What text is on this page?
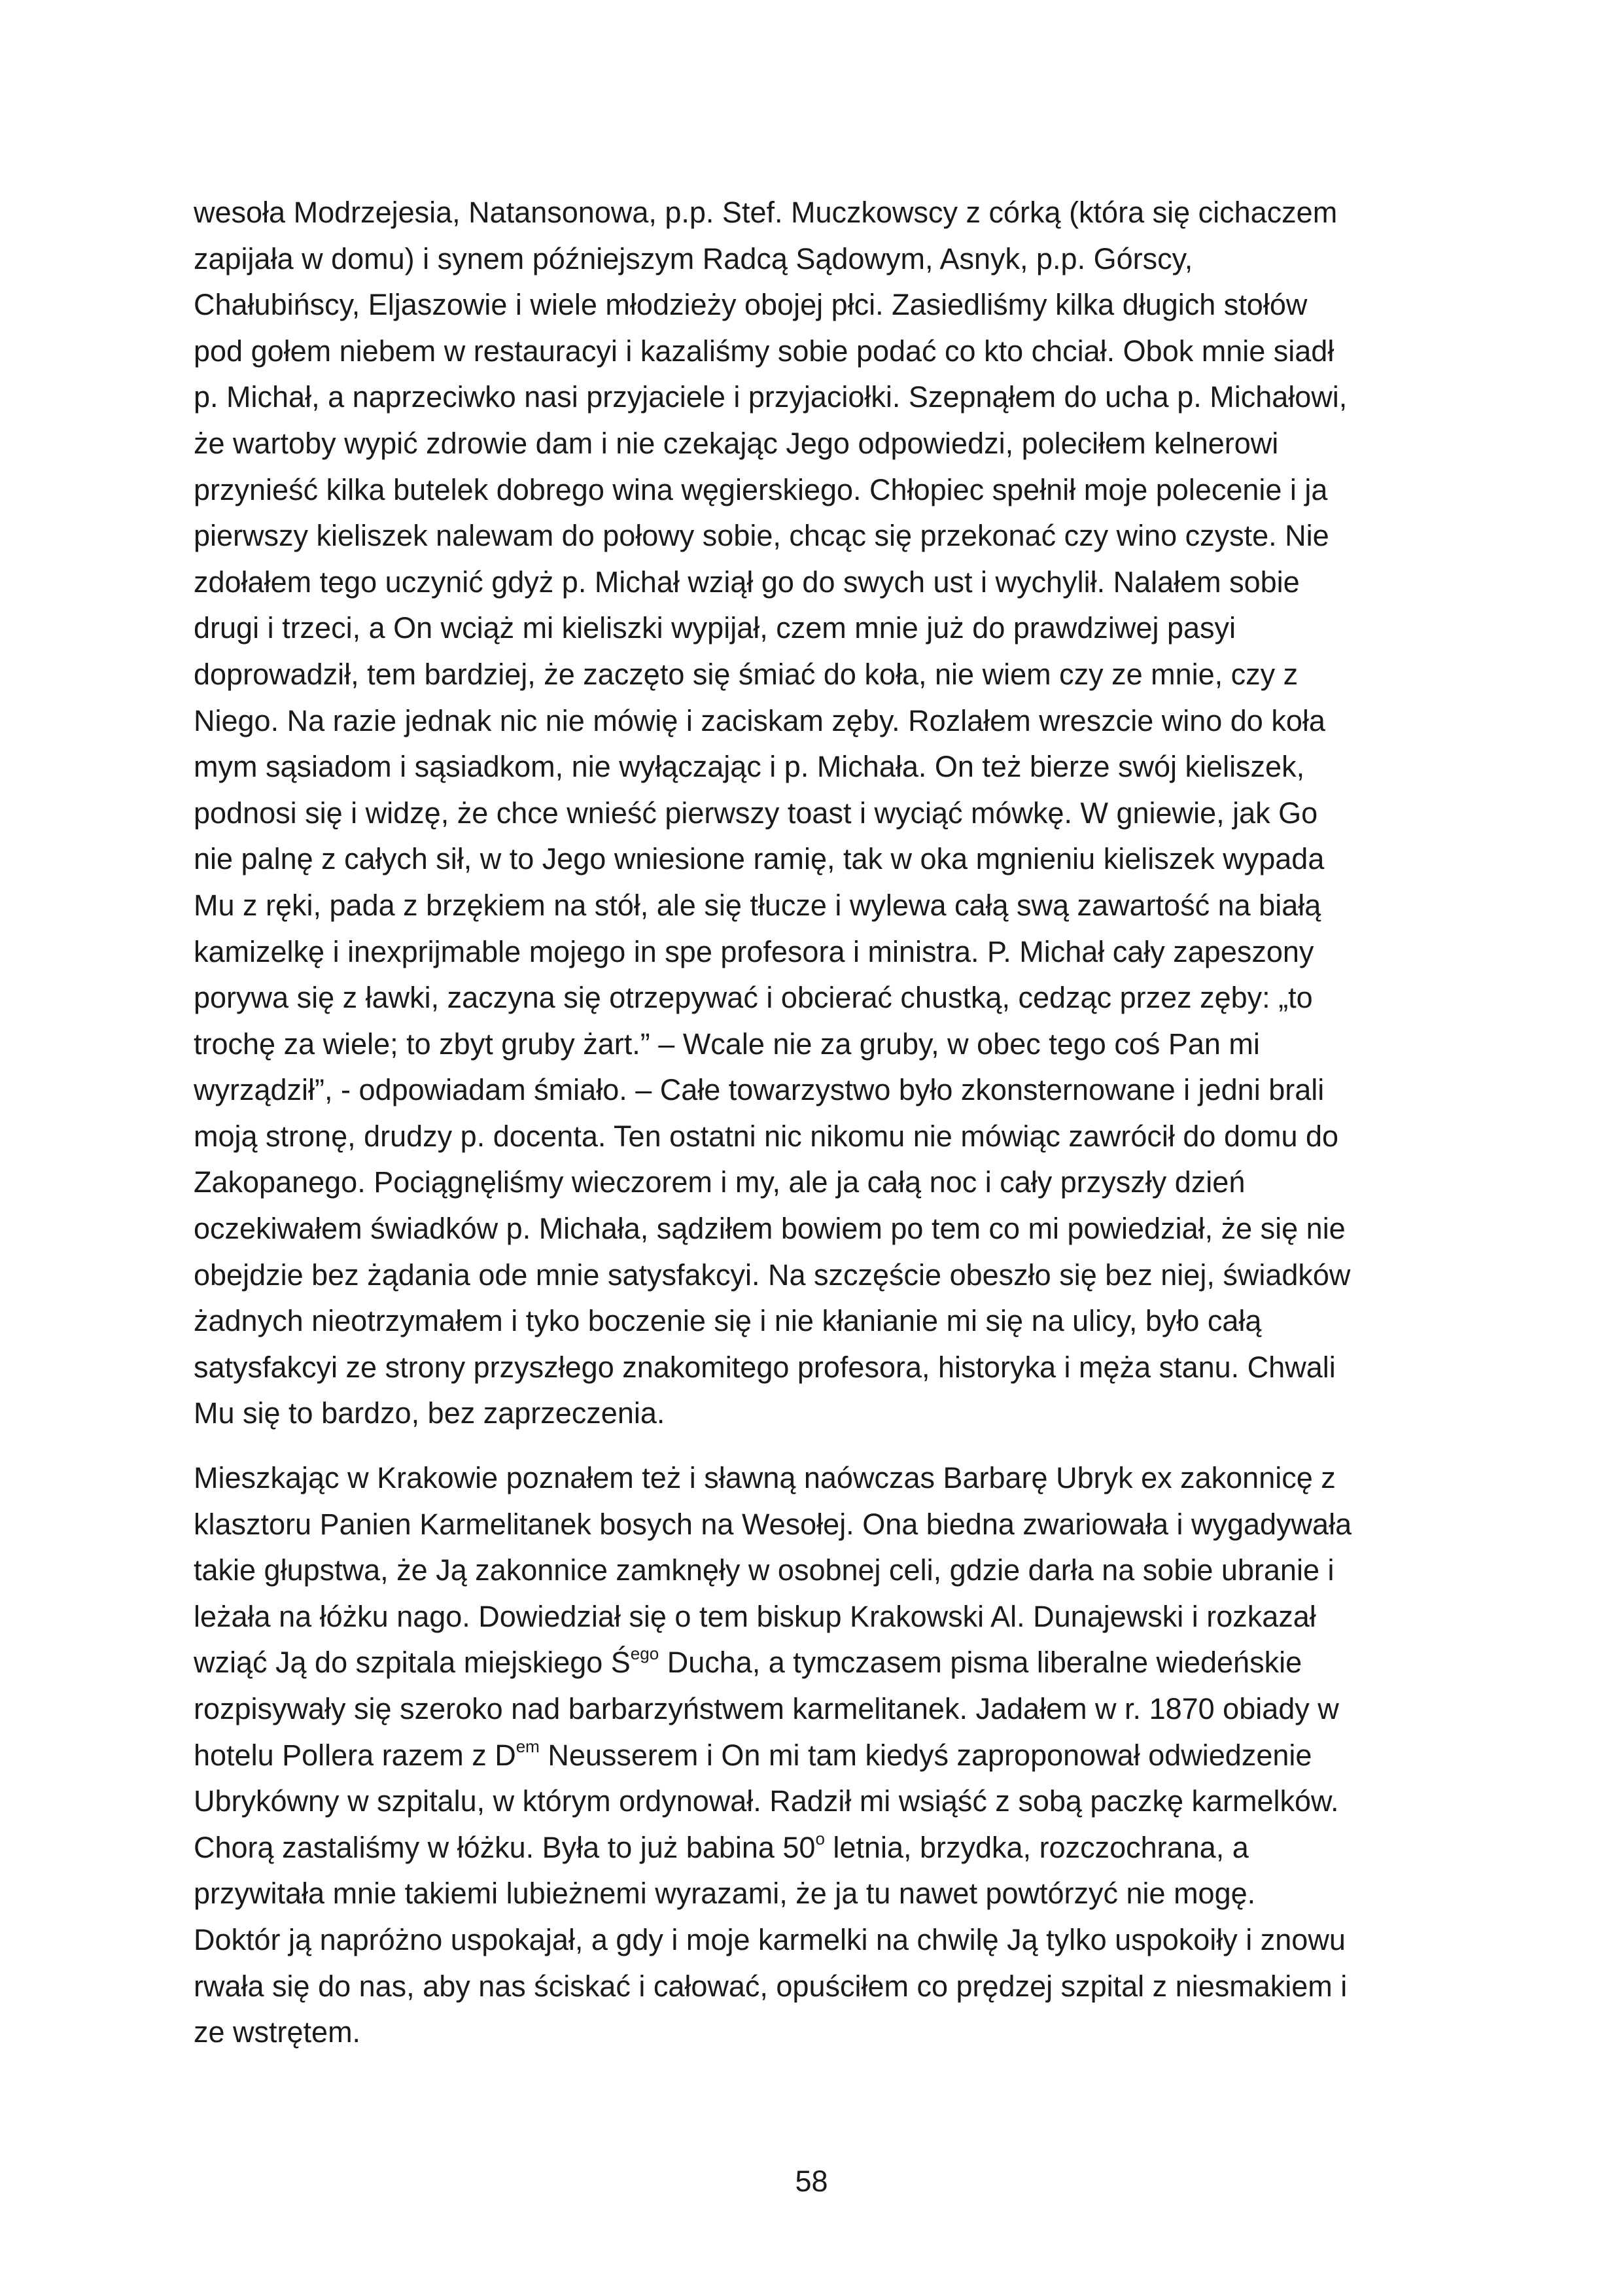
wesoła Modrzejesia, Natansonowa, p.p. Stef. Muczkowscy z córką (która się cichaczem
zapijała w domu) i synem późniejszym Radcą Sądowym, Asnyk, p.p. Górscy,
Chałubińscy, Eljaszowie i wiele młodzieży obojej płci. Zasiedliśmy kilka długich stołów
pod gołem niebem w restauracyi i kazaliśmy sobie podać co kto chciał. Obok mnie siadł
p. Michał, a naprzeciwko nasi przyjaciele i przyjaciołki. Szepnąłem do ucha p. Michałowi,
że wartoby wypić zdrowie dam i nie czekając Jego odpowiedzi, poleciłem kelnerowi
przynieść kilka butelek dobrego wina węgierskiego. Chłopiec spełnił moje polecenie i ja
pierwszy kieliszek nalewam do połowy sobie, chcąc się przekonać czy wino czyste. Nie
zdołałem tego uczynić gdyż p. Michał wziął go do swych ust i wychylił. Nalałem sobie
drugi i trzeci, a On wciąż mi kieliszki wypijał, czem mnie już do prawdziwej pasyi
doprowadził, tem bardziej, że zaczęto się śmiać do koła, nie wiem czy ze mnie, czy z
Niego. Na razie jednak nic nie mówię i zaciskam zęby. Rozlałem wreszcie wino do koła
mym sąsiadom i sąsiadkom, nie wyłączając i p. Michała. On też bierze swój kieliszek,
podnosi się i widzę, że chce wnieść pierwszy toast i wyciąć mówkę. W gniewie, jak Go
nie palnę z całych sił, w to Jego wniesione ramię, tak w oka mgnieniu kieliszek wypada
Mu z ręki, pada z brzękiem na stół, ale się tłucze i wylewa całą swą zawartość na białą
kamizelkę i inexprijmable mojego in spe profesora i ministra. P. Michał cały zapeszony
porywa się z ławki, zaczyna się otrzepywać i obcierać chustką, cedząc przez zęby: „to
trochę za wiele; to zbyt gruby żart.” – Wcale nie za gruby, w obec tego coś Pan mi
wyrządził”, - odpowiadam śmiało. – Całe towarzystwo było zkonsternowane i jedni brali
moją stronę, drudzy p. docenta. Ten ostatni nic nikomu nie mówiąc zawrócił do domu do
Zakopanego. Pociągnęliśmy wieczorem i my, ale ja całą noc i cały przyszły dzień
oczekiwałem świadków p. Michała, sądziłem bowiem po tem co mi powiedział, że się nie
obejdzie bez żądania ode mnie satysfakcyi. Na szczęście obeszło się bez niej, świadków
żadnych nieotrzymałem i tyko boczenie się i nie kłanianie mi się na ulicy, było całą
satysfakcyi ze strony przyszłego znakomitego profesora, historyka i męża stanu. Chwali
Mu się to bardzo, bez zaprzeczenia.

Mieszkając w Krakowie poznałem też i sławną naówczas Barbarę Ubryk ex zakonnicę z
klasztoru Panien Karmelitanek bosych na Wesołej. Ona biedna zwariowała i wygadywała
takie głupstwa, że Ją zakonnice zamknęły w osobnej celi, gdzie darła na sobie ubranie i
leżała na łóżku nago. Dowiedział się o tem biskup Krakowski Al. Dunajewski i rozkazał
wziąć Ją do szpitala miejskiego $Ś^{ego}$ Ducha, a tymczasem pisma liberalne wiedeńskie
rozpisywały się szeroko nad barbarzyństwem karmelitanek. Jadałem w r. 1870 obiady w
hotelu Pollera razem z $D^{em}$ Neusserem i On mi tam kiedyś zaproponował odwiedzenie
Ubrykówny w szpitalu, w którym ordynował. Radził mi wsiąść z sobą paczkę karmelków.
Chorą zastaliśmy w łóżku. Była to już babina 50$^o$ letnia, brzydka, rozczochrana, a
przywitała mnie takiemi lubieżnemi wyrazami, że ja tu nawet powtórzyć nie mogę.
Doktór ją napróżno uspokajał, a gdy i moje karmelki na chwilę Ją tylko uspokoiły i znowu
rwała się do nas, aby nas ściskać i całować, opuściłem co prędzej szpital z niesmakiem i
ze wstrętem.

58
